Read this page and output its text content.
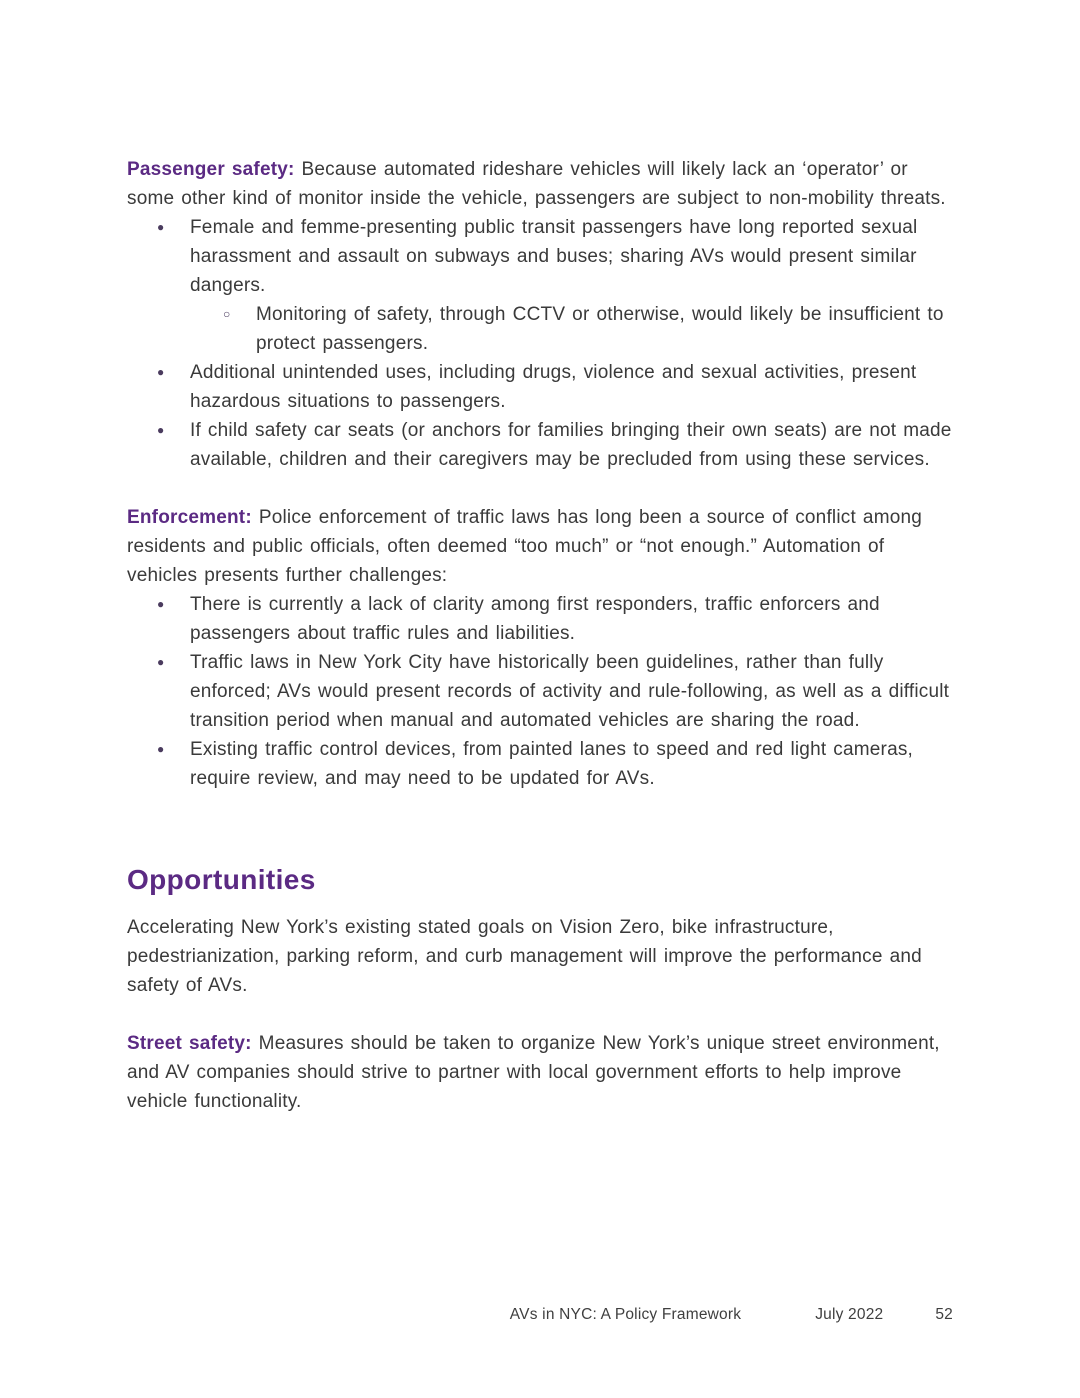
Passenger safety: Because automated rideshare vehicles will likely lack an ‘operator’ or some other kind of monitor inside the vehicle, passengers are subject to non-mobility threats.

●	Female and femme-presenting public transit passengers have long reported sexual harassment and assault on subways and buses; sharing AVs would present similar dangers.
○	Monitoring of safety, through CCTV or otherwise, would likely be insufficient to protect passengers.
●	Additional unintended uses, including drugs, violence and sexual activities, present hazardous situations to passengers.
●	If child safety car seats (or anchors for families bringing their own seats) are not made available, children and their caregivers may be precluded from using these services.

Enforcement: Police enforcement of traffic laws has long been a source of conflict among residents and public officials, often deemed “too much” or “not enough.” Automation of vehicles presents further challenges:

●	There is currently a lack of clarity among first responders, traffic enforcers and passengers about traffic rules and liabilities.
●	Traffic laws in New York City have historically been guidelines, rather than fully enforced; AVs would present records of activity and rule-following, as well as a difficult transition period when manual and automated vehicles are sharing the road.
●	Existing traffic control devices, from painted lanes to speed and red light cameras, require review, and may need to be updated for AVs.
Opportunities

Accelerating New York’s existing stated goals on Vision Zero, bike infrastructure, pedestrianization, parking reform, and curb management will improve the performance and safety of AVs.

Street safety: Measures should be taken to organize New York’s unique street environment, and AV companies should strive to partner with local government efforts to help improve vehicle functionality.

AVs in NYC: A Policy Framework	July 2022	52
